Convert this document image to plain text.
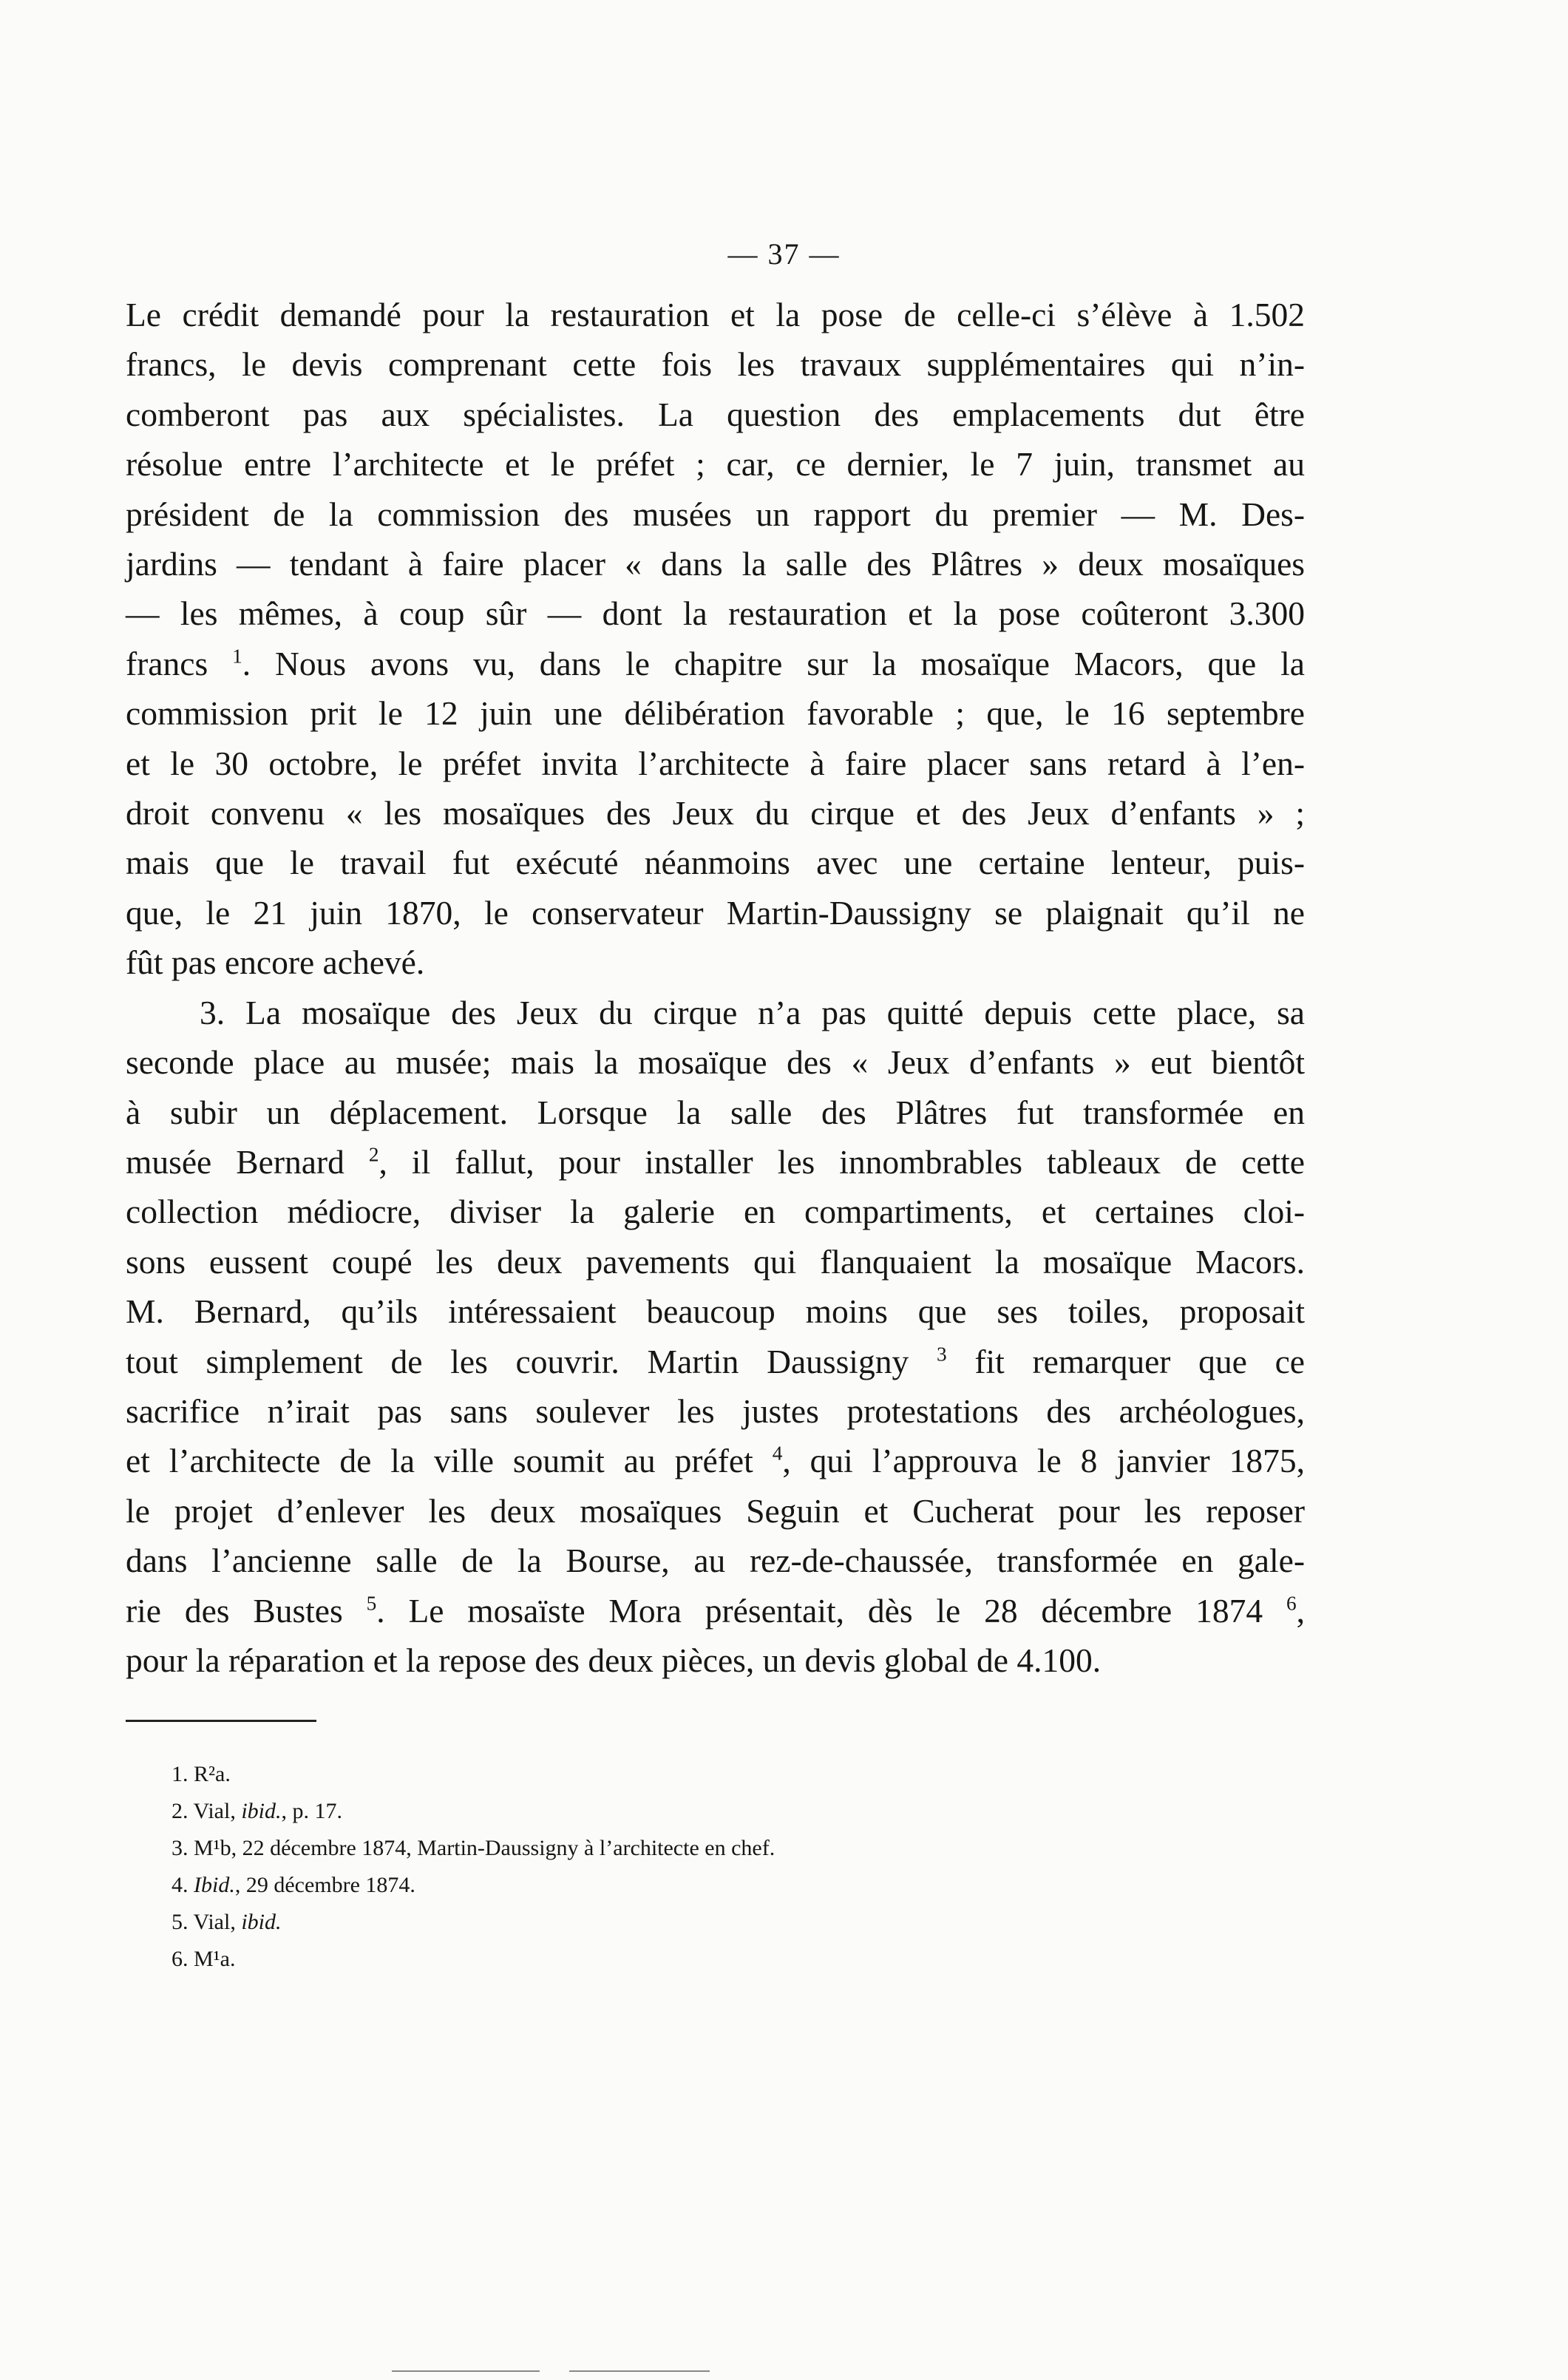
— 37 —
Le crédit demandé pour la restauration et la pose de celle-ci s’élève à 1.502
francs, le devis comprenant cette fois les travaux supplémentaires qui n’in-
comberont pas aux spécialistes. La question des emplacements dut être
résolue entre l’architecte et le préfet ; car, ce dernier, le 7 juin, transmet au
président de la commission des musées un rapport du premier — M. Des-
jardins — tendant à faire placer « dans la salle des Plâtres » deux mosaïques
— les mêmes, à coup sûr — dont la restauration et la pose coûteront 3.300
francs $^1$. Nous avons vu, dans le chapitre sur la mosaïque Macors, que la
commission prit le 12 juin une délibération favorable ; que, le 16 septembre
et le 30 octobre, le préfet invita l’architecte à faire placer sans retard à l’en-
droit convenu « les mosaïques des Jeux du cirque et des Jeux d’enfants » ;
mais que le travail fut exécuté néanmoins avec une certaine lenteur, puis-
que, le 21 juin 1870, le conservateur Martin-Daussigny se plaignait qu’il ne
fût pas encore achevé.
3. La mosaïque des Jeux du cirque n’a pas quitté depuis cette place, sa
seconde place au musée; mais la mosaïque des « Jeux d’enfants » eut bientôt
à subir un déplacement. Lorsque la salle des Plâtres fut transformée en
musée Bernard $^2$, il fallut, pour installer les innombrables tableaux de cette
collection médiocre, diviser la galerie en compartiments, et certaines cloi-
sons eussent coupé les deux pavements qui flanquaient la mosaïque Macors.
M. Bernard, qu’ils intéressaient beaucoup moins que ses toiles, proposait
tout simplement de les couvrir. Martin Daussigny $^3$ fit remarquer que ce
sacrifice n’irait pas sans soulever les justes protestations des archéologues,
et l’architecte de la ville soumit au préfet $^4$, qui l’approuva le 8 janvier 1875,
le projet d’enlever les deux mosaïques Seguin et Cucherat pour les reposer
dans l’ancienne salle de la Bourse, au rez-de-chaussée, transformée en gale-
rie des Bustes $^5$. Le mosaïste Mora présentait, dès le 28 décembre 1874 $^6$,
pour la réparation et la repose des deux pièces, un devis global de 4.100.
1. R²a.
2. Vial, ibid., p. 17.
3. M¹b, 22 décembre 1874, Martin-Daussigny à l’architecte en chef.
4. Ibid., 29 décembre 1874.
5. Vial, ibid.
6. M¹a.
